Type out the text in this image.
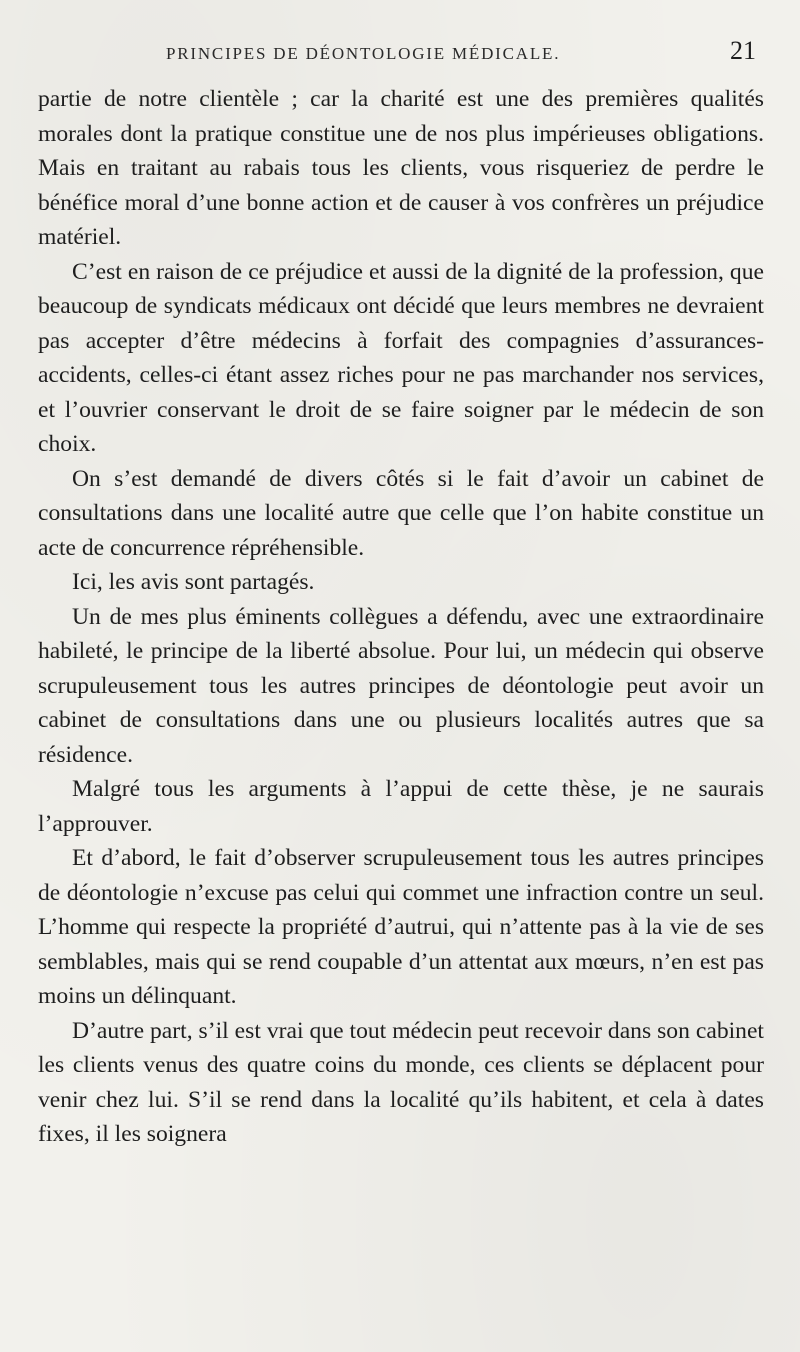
PRINCIPES DE DÉONTOLOGIE MÉDICALE.	21

partie de notre clientèle ; car la charité est une des premières qualités morales dont la pratique constitue une de nos plus impérieuses obligations. Mais en traitant au rabais tous les clients, vous risqueriez de perdre le bénéfice moral d’une bonne action et de causer à vos confrères un préjudice matériel.

C’est en raison de ce préjudice et aussi de la dignité de la profession, que beaucoup de syndicats médicaux ont décidé que leurs membres ne devraient pas accepter d’être médecins à forfait des compagnies d’assurances-accidents, celles-ci étant assez riches pour ne pas marchander nos services, et l’ouvrier conservant le droit de se faire soigner par le médecin de son choix.

On s’est demandé de divers côtés si le fait d’avoir un cabinet de consultations dans une localité autre que celle que l’on habite constitue un acte de concurrence répréhensible.

Ici, les avis sont partagés.

Un de mes plus éminents collègues a défendu, avec une extraordinaire habileté, le principe de la liberté absolue. Pour lui, un médecin qui observe scrupuleusement tous les autres principes de déontologie peut avoir un cabinet de consultations dans une ou plusieurs localités autres que sa résidence.

Malgré tous les arguments à l’appui de cette thèse, je ne saurais l’approuver.

Et d’abord, le fait d’observer scrupuleusement tous les autres principes de déontologie n’excuse pas celui qui commet une infraction contre un seul. L’homme qui respecte la propriété d’autrui, qui n’attente pas à la vie de ses semblables, mais qui se rend coupable d’un attentat aux mœurs, n’en est pas moins un délinquant.

D’autre part, s’il est vrai que tout médecin peut recevoir dans son cabinet les clients venus des quatre coins du monde, ces clients se déplacent pour venir chez lui. S’il se rend dans la localité qu’ils habitent, et cela à dates fixes, il les soignera
